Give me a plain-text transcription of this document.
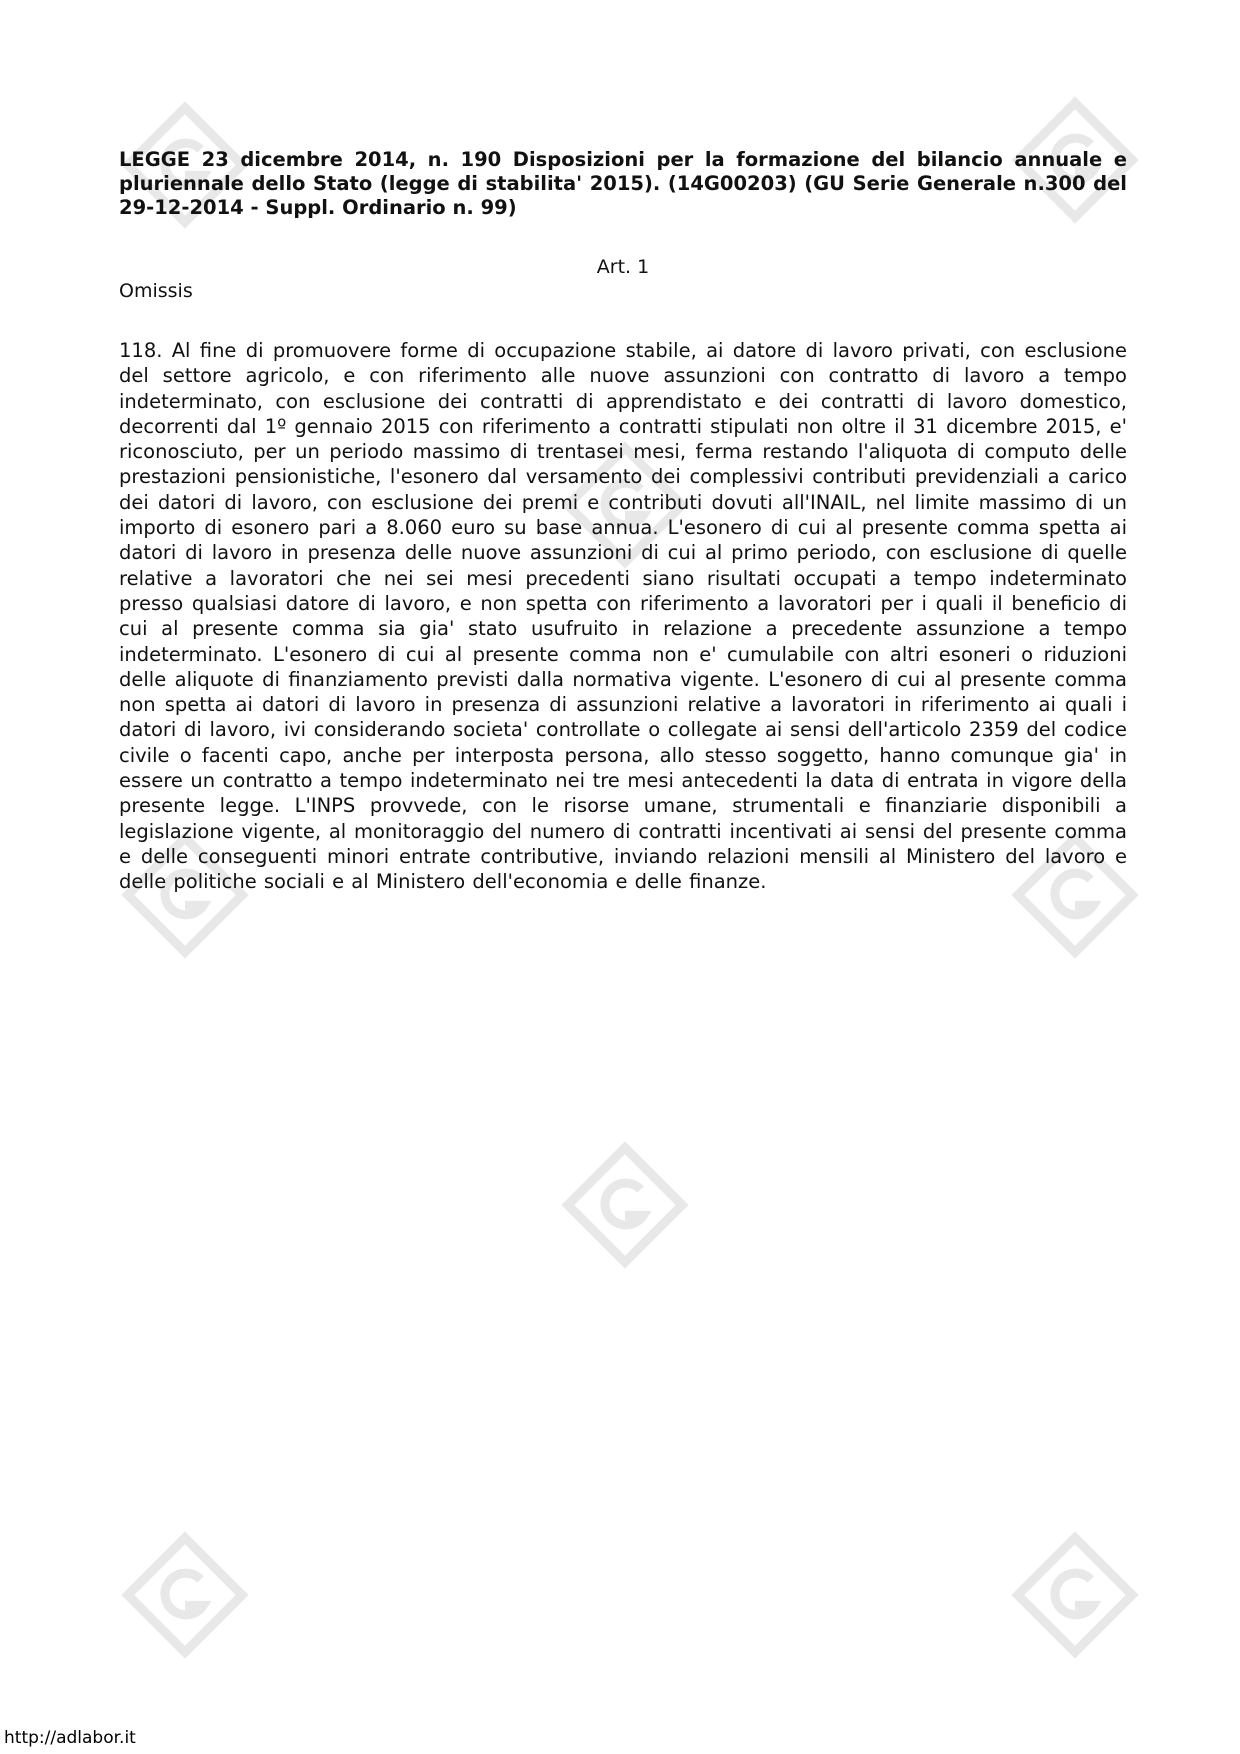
LEGGE 23 dicembre 2014, n. 190 Disposizioni per la formazione del bilancio annuale e pluriennale dello Stato (legge di stabilita' 2015). (14G00203) (GU Serie Generale n.300 del 29-12-2014 - Suppl. Ordinario n. 99)

Art. 1
Omissis

118. Al fine di promuovere forme di occupazione stabile, ai datore di lavoro privati, con esclusione del settore agricolo, e con riferimento alle nuove assunzioni con contratto di lavoro a tempo indeterminato, con esclusione dei contratti di apprendistato e dei contratti di lavoro domestico, decorrenti dal 1º gennaio 2015 con riferimento a contratti stipulati non oltre il 31 dicembre 2015, e' riconosciuto, per un periodo massimo di trentasei mesi, ferma restando l'aliquota di computo delle prestazioni pensionistiche, l'esonero dal versamento dei complessivi contributi previdenziali a carico dei datori di lavoro, con esclusione dei premi e contributi dovuti all'INAIL, nel limite massimo di un importo di esonero pari a 8.060 euro su base annua. L'esonero di cui al presente comma spetta ai datori di lavoro in presenza delle nuove assunzioni di cui al primo periodo, con esclusione di quelle relative a lavoratori che nei sei mesi precedenti siano risultati occupati a tempo indeterminato presso qualsiasi datore di lavoro, e non spetta con riferimento a lavoratori per i quali il beneficio di cui al presente comma sia gia' stato usufruito in relazione a precedente assunzione a tempo indeterminato. L'esonero di cui al presente comma non e' cumulabile con altri esoneri o riduzioni delle aliquote di finanziamento previsti dalla normativa vigente. L'esonero di cui al presente comma non spetta ai datori di lavoro in presenza di assunzioni relative a lavoratori in riferimento ai quali i datori di lavoro, ivi considerando societa' controllate o collegate ai sensi dell'articolo 2359 del codice civile o facenti capo, anche per interposta persona, allo stesso soggetto, hanno comunque gia' in essere un contratto a tempo indeterminato nei tre mesi antecedenti la data di entrata in vigore della presente legge. L'INPS provvede, con le risorse umane, strumentali e finanziarie disponibili a legislazione vigente, al monitoraggio del numero di contratti incentivati ai sensi del presente comma e delle conseguenti minori entrate contributive, inviando relazioni mensili al Ministero del lavoro e delle politiche sociali e al Ministero dell'economia e delle finanze.

http://adlabor.it
